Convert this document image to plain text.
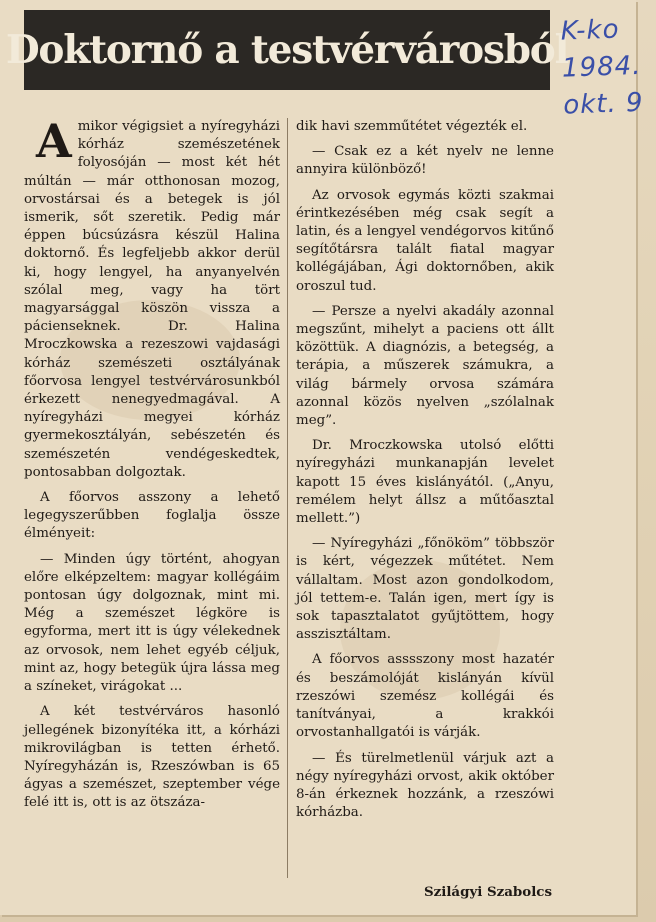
Doktornő a testvérvárosból
K-ko
1984.
okt. 9

Amikor végigsiet a nyíregyházi kórház szemészetének folyosóján — most két hét múltán — már otthonosan mozog, orvostársai és a betegek is jól ismerik, sőt szeretik. Pedig már éppen búcsúzásra készül Halina doktornő. És legfeljebb akkor derül ki, hogy lengyel, ha anyanyelvén szólal meg, vagy ha tört magyarsággal köszön vissza a pácienseknek. Dr. Halina Mroczkowska a rezeszowi vajdasági kórház szemészeti osztályának főorvosa lengyel testvérvárosunkból érkezett nenegyedmagával. A nyíregyházi megyei kórház gyermekosztályán, sebészetén és szemészetén vendégeskedtek, pontosabban dolgoztak.

A főorvos asszony a lehető legegyszerűbben foglalja össze élményeit:

— Minden úgy történt, ahogyan előre elképzeltem: magyar kollégáim pontosan úgy dolgoznak, mint mi. Még a szemészet légköre is egyforma, mert itt is úgy vélekednek az orvosok, nem lehet egyéb céljuk, mint az, hogy betegük újra lássa meg a színeket, virágokat ...

A két testvérváros hasonló jellegének bizonyítéka itt, a kórházi mikrovilágban is tetten érhető. Nyíregyházán is, Rzeszówban is 65 ágyas a szemészet, szeptember vége felé itt is, ott is az ötszáza-

dik havi szemműtétet végezték el.

— Csak ez a két nyelv ne lenne annyira különböző!

Az orvosok egymás közti szakmai érintkezésében még csak segít a latin, és a lengyel vendégorvos kitűnő segítőtársra talált fiatal magyar kollégájában, Ági doktornőben, akik oroszul tud.

— Persze a nyelvi akadály azonnal megszűnt, mihelyt a paciens ott állt közöttük. A diagnózis, a betegség, a terápia, a műszerek számukra, a világ bármely orvosa számára azonnal közös nyelven „szólalnak meg”.

Dr. Mroczkowska utolsó előtti nyíregyházi munkanapján levelet kapott 15 éves kislányától. („Anyu, remélem helyt állsz a műtőasztal mellett.”)

— Nyíregyházi „főnököm” többször is kért, végezzek műtétet. Nem vállaltam. Most azon gondolkodom, jól tettem-e. Talán igen, mert így is sok tapasztalatot gyűjtöttem, hogy asszisztáltam.

A főorvos asssszony most hazatér és beszámolóját kislányán kívül rzeszówi szemész kollégái és tanítványai, a krakkói orvostanhallgatói is várják.

— És türelmetlenül várjuk azt a négy nyíregyházi orvost, akik október 8-án érkeznek hozzánk, a rzeszówi kórházba.

Szilágyi Szabolcs
